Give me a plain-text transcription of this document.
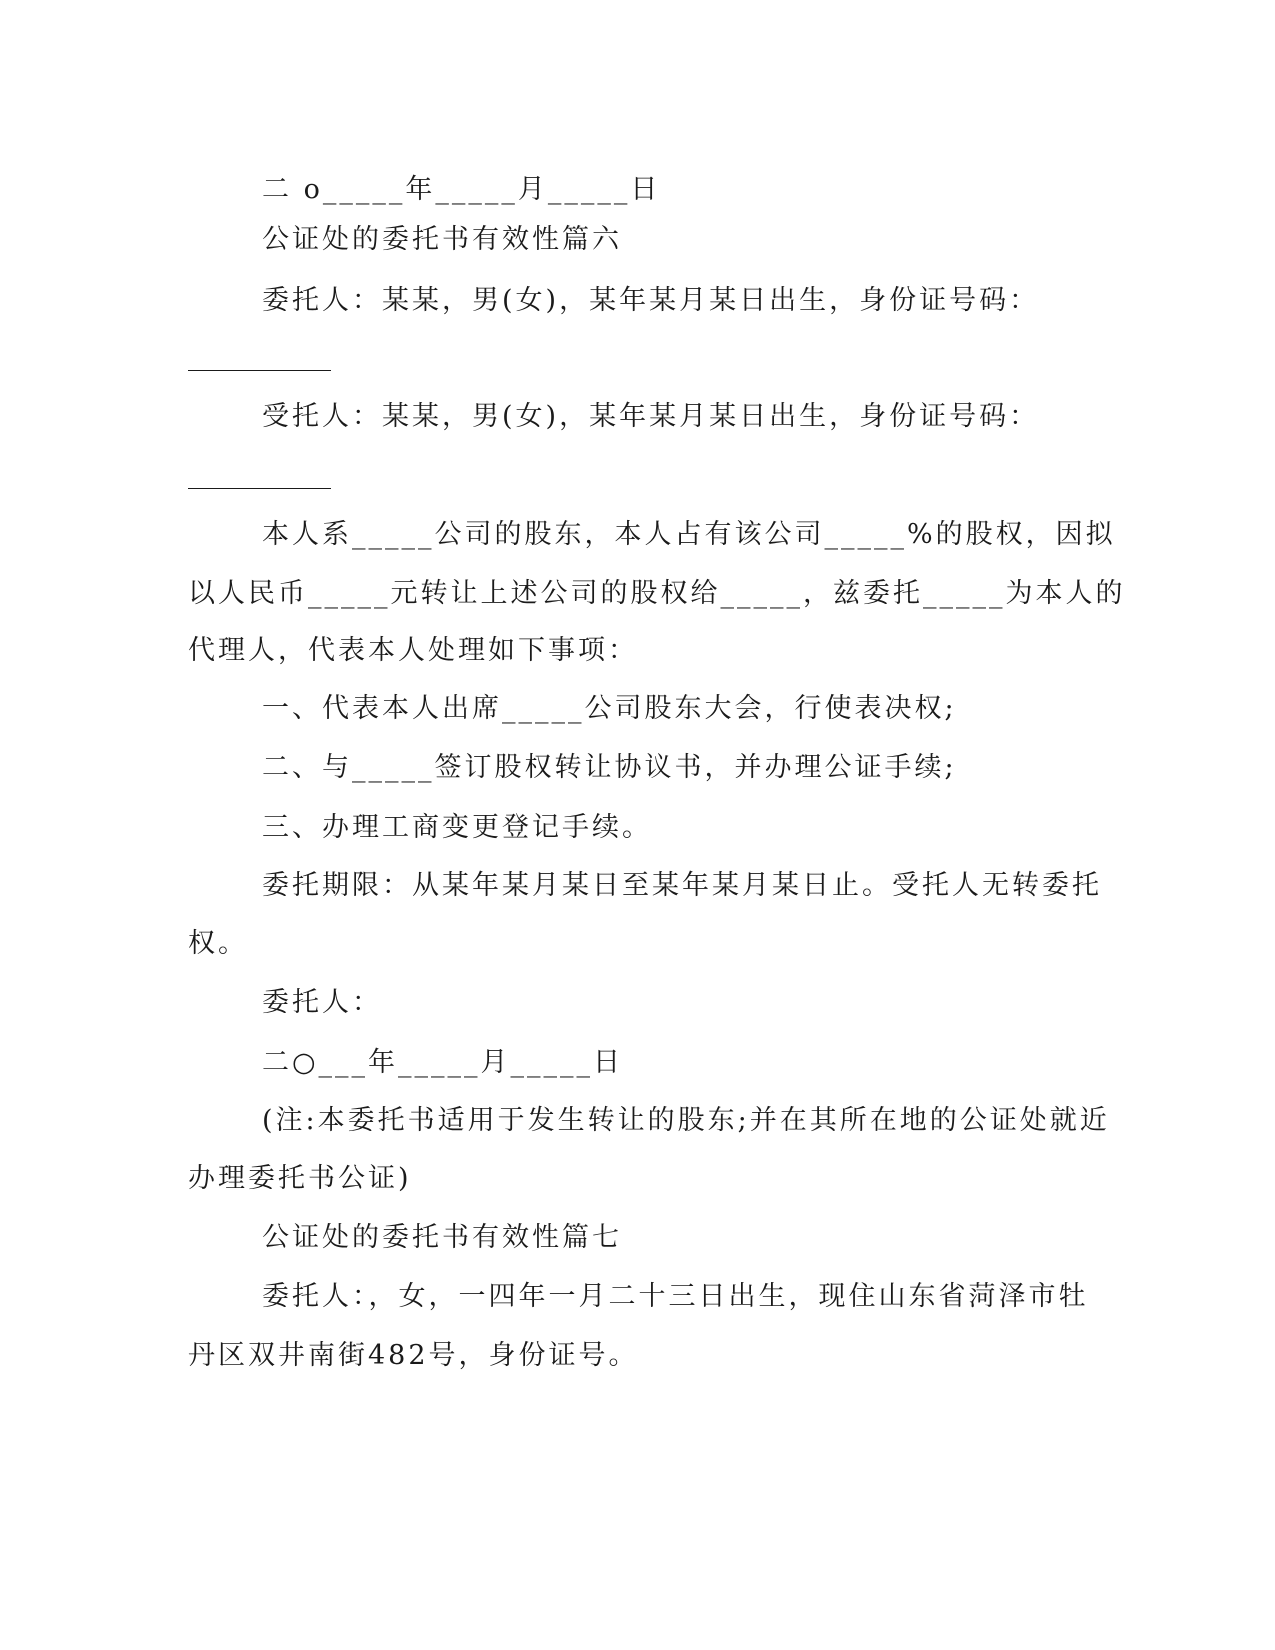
二 o_____年_____月_____日
公证处的委托书有效性篇六
委托人：某某，男(女)，某年某月某日出生，身份证号码：
受托人：某某，男(女)，某年某月某日出生，身份证号码：
本人系_____公司的股东，本人占有该公司_____%的股权，因拟
以人民币_____元转让上述公司的股权给_____，兹委托_____为本人的
代理人，代表本人处理如下事项：
一、代表本人出席_____公司股东大会，行使表决权;
二、与_____签订股权转让协议书，并办理公证手续;
三、办理工商变更登记手续。
委托期限：从某年某月某日至某年某月某日止。受托人无转委托
权。
委托人：
二○___年_____月_____日
(注:本委托书适用于发生转让的股东;并在其所在地的公证处就近
办理委托书公证)
公证处的委托书有效性篇七
委托人：，女，一四年一月二十三日出生，现住山东省菏泽市牡
丹区双井南街482号，身份证号。
